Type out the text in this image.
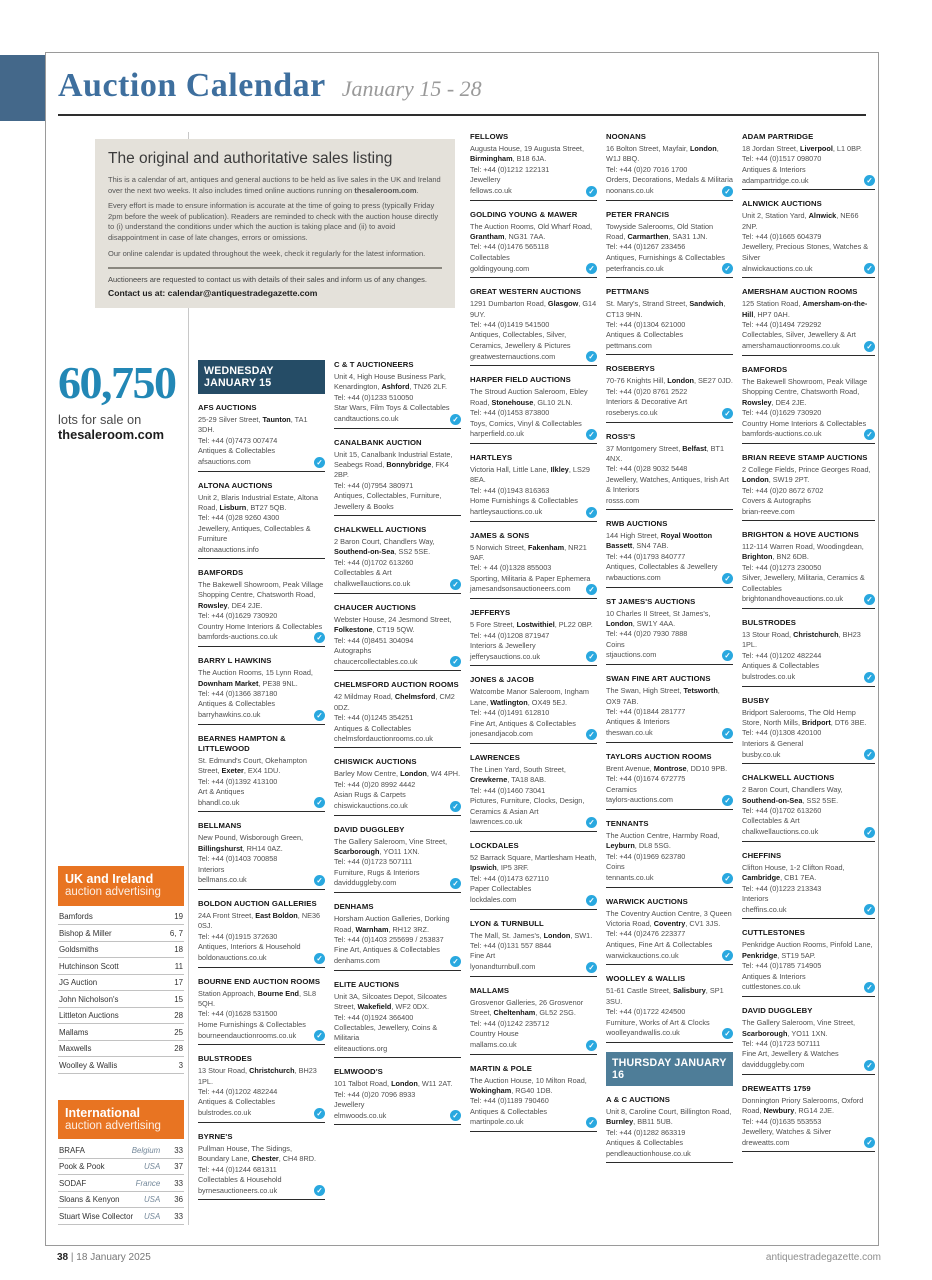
Auction Calendar January 15 - 28
The original and authoritative sales listing
This is a calendar of art, antiques and general auctions to be held as live sales in the UK and Ireland over the next two weeks. It also includes timed online auctions running on thesaleroom.com.
Every effort is made to ensure information is accurate at the time of going to press (typically Friday 2pm before the week of publication). Readers are reminded to check with the auction house directly to (i) understand the conditions under which the auction is taking place and (ii) to avoid disappointment in case of late changes, errors or omissions.
Our online calendar is updated throughout the week, check it regularly for the latest information.
Auctioneers are requested to contact us with details of their sales and inform us of any changes.
Contact us at: calendar@antiquestradegazette.com
60,750
lots for sale on
thesaleroom.com
UK and Ireland
auction advertising
Bamfords	19
Bishop & Miller	6, 7
Goldsmiths	18
Hutchinson Scott	11
JG Auction	17
John Nicholson's	15
Littleton Auctions	28
Mallams	25
Maxwells	28
Woolley & Wallis	3
International
auction advertising
BRAFA	Belgium 33
Pook & Pook	USA 37
SODAF	France 33
Sloans & Kenyon	USA 36
Stuart Wise Collector USA 33
WEDNESDAY JANUARY 15
AFS AUCTIONS
25-29 Silver Street, Taunton, TA1 3DH.
Tel: +44 (0)7473 007474
Antiques & Collectables
afsauctions.com	✓
ALTONA AUCTIONS
Unit 2, Blaris Industrial Estate, Altona Road, Lisburn, BT27 5QB.
Tel: +44 (0)28 9260 4300
Jewellery, Antiques, Collectables & Furniture
altonaauctions.info
BAMFORDS
The Bakewell Showroom, Peak Village Shopping Centre, Chatsworth Road, Rowsley, DE4 2JE.
Tel: +44 (0)1629 730920
Country Home Interiors & Collectables
bamfords-auctions.co.uk	✓
BARRY L HAWKINS
The Auction Rooms, 15 Lynn Road, Downham Market, PE38 9NL.
Tel: +44 (0)1366 387180
Antiques & Collectables
barryhawkins.co.uk	✓
BEARNES HAMPTON & LITTLEWOOD
St. Edmund's Court, Okehampton Street, Exeter, EX4 1DU.
Tel: +44 (0)1392 413100
Art & Antiques
bhandl.co.uk	✓
BELLMANS
New Pound, Wisborough Green, Billingshurst, RH14 0AZ.
Tel: +44 (0)1403 700858
Interiors
bellmans.co.uk	✓
BOLDON AUCTION GALLERIES
24A Front Street, East Boldon, NE36 0SJ.
Tel: +44 (0)1915 372630
Antiques, Interiors & Household
boldonauctions.co.uk	✓
BOURNE END AUCTION ROOMS
Station Approach, Bourne End, SL8 5QH.
Tel: +44 (0)1628 531500
Home Furnishings & Collectables
bourneendauctionrooms.co.uk	✓
BULSTRODES
13 Stour Road, Christchurch, BH23 1PL.
Tel: +44 (0)1202 482244
Antiques & Collectables
bulstrodes.co.uk	✓
BYRNE'S
Pullman House, The Sidings, Boundary Lane, Chester, CH4 8RD.
Tel: +44 (0)1244 681311
Collectables & Household
byrnesauctioneers.co.uk	✓
C & T AUCTIONEERS
Unit 4, High House Business Park, Kenardington, Ashford, TN26 2LF.
Tel: +44 (0)1233 510050
Star Wars, Film Toys & Collectables
candtauctions.co.uk	✓
CANALBANK AUCTION
Unit 15, Canalbank Industrial Estate, Seabegs Road, Bonnybridge, FK4 2BP.
Tel: +44 (0)7954 380971
Antiques, Collectables, Furniture, Jewellery & Books
CHALKWELL AUCTIONS
2 Baron Court, Chandlers Way, Southend-on-Sea, SS2 5SE.
Tel: +44 (0)1702 613260
Collectables & Art
chalkwellauctions.co.uk	✓
CHAUCER AUCTIONS
Webster House, 24 Jesmond Street, Folkestone, CT19 5QW.
Tel: +44 (0)8451 304094
Autographs
chaucercollectables.co.uk	✓
CHELMSFORD AUCTION ROOMS
42 Mildmay Road, Chelmsford, CM2 0DZ.
Tel: +44 (0)1245 354251
Antiques & Collectables
chelmsfordauctionrooms.co.uk
CHISWICK AUCTIONS
Barley Mow Centre, London, W4 4PH.
Tel: +44 (0)20 8992 4442
Asian Rugs & Carpets
chiswickauctions.co.uk	✓
DAVID DUGGLEBY
The Gallery Saleroom, Vine Street, Scarborough, YO11 1XN.
Tel: +44 (0)1723 507111
Furniture, Rugs & Interiors
davidduggleby.com	✓
DENHAMS
Horsham Auction Galleries, Dorking Road, Warnham, RH12 3RZ.
Tel: +44 (0)1403 255699 / 253837
Fine Art, Antiques & Collectables
denhams.com	✓
ELITE AUCTIONS
Unit 3A, Silcoates Depot, Silcoates Street, Wakefield, WF2 0DX.
Tel: +44 (0)1924 366400
Collectables, Jewellery, Coins & Militaria
eliteauctions.org
ELMWOOD'S
101 Talbot Road, London, W11 2AT.
Tel: +44 (0)20 7096 8933
Jewellery
elmwoods.co.uk	✓
FELLOWS
Augusta House, 19 Augusta Street, Birmingham, B18 6JA.
Tel: +44 (0)1212 122131
Jewellery
fellows.co.uk	✓
GOLDING YOUNG & MAWER
The Auction Rooms, Old Wharf Road, Grantham, NG31 7AA.
Tel: +44 (0)1476 565118
Collectables
goldingyoung.com	✓
GREAT WESTERN AUCTIONS
1291 Dumbarton Road, Glasgow, G14 9UY.
Tel: +44 (0)1419 541500
Antiques, Collectables, Silver, Ceramics, Jewellery & Pictures
greatwesternauctions.com	✓
HARPER FIELD AUCTIONS
The Stroud Auction Saleroom, Ebley Road, Stonehouse, GL10 2LN.
Tel: +44 (0)1453 873800
Toys, Comics, Vinyl & Collectables
harperfield.co.uk	✓
HARTLEYS
Victoria Hall, Little Lane, Ilkley, LS29 8EA.
Tel: +44 (0)1943 816363
Home Furnishings & Collectables
hartleysauctions.co.uk	✓
JAMES & SONS
5 Norwich Street, Fakenham, NR21 9AF.
Tel: + 44 (0)1328 855003
Sporting, Militaria & Paper Ephemera
jamesandsonsauctioneers.com	✓
JEFFERYS
5 Fore Street, Lostwithiel, PL22 0BP.
Tel: +44 (0)1208 871947
Interiors & Jewellery
jefferysauctions.co.uk	✓
JONES & JACOB
Watcombe Manor Saleroom, Ingham Lane, Watlington, OX49 5EJ.
Tel: +44 (0)1491 612810
Fine Art, Antiques & Collectables
jonesandjacob.com	✓
LAWRENCES
The Linen Yard, South Street, Crewkerne, TA18 8AB.
Tel: +44 (0)1460 73041
Pictures, Furniture, Clocks, Design, Ceramics & Asian Art
lawrences.co.uk	✓
LOCKDALES
52 Barrack Square, Martlesham Heath, Ipswich, IP5 3RF.
Tel: +44 (0)1473 627110
Paper Collectables
lockdales.com	✓
LYON & TURNBULL
The Mall, St. James's, London, SW1.
Tel: +44 (0)131 557 8844
Fine Art
lyonandturnbull.com	✓
MALLAMS
Grosvenor Galleries, 26 Grosvenor Street, Cheltenham, GL52 2SG.
Tel: +44 (0)1242 235712
Country House
mallams.co.uk	✓
MARTIN & POLE
The Auction House, 10 Milton Road, Wokingham, RG40 1DB.
Tel: +44 (0)1189 790460
Antiques & Collectables
martinpole.co.uk	✓
NOONANS
16 Bolton Street, Mayfair, London, W1J 8BQ.
Tel: +44 (0)20 7016 1700
Orders, Decorations, Medals & Militaria
noonans.co.uk	✓
PETER FRANCIS
Towyside Salerooms, Old Station Road, Carmarthen, SA31 1JN.
Tel: +44 (0)1267 233456
Antiques, Furnishings & Collectables
peterfrancis.co.uk	✓
PETTMANS
St. Mary's, Strand Street, Sandwich, CT13 9HN.
Tel: +44 (0)1304 621000
Antiques & Collectables
pettmans.com
ROSEBERYS
70-76 Knights Hill, London, SE27 0JD.
Tel: +44 (0)20 8761 2522
Interiors & Decorative Art
roseberys.co.uk	✓
ROSS'S
37 Montgomery Street, Belfast, BT1 4NX.
Tel: +44 (0)28 9032 5448
Jewellery, Watches, Antiques, Irish Art & Interiors
rosss.com
RWB AUCTIONS
144 High Street, Royal Wootton Bassett, SN4 7AB.
Tel: +44 (0)1793 840777
Antiques, Collectables & Jewellery
rwbauctions.com	✓
ST JAMES'S AUCTIONS
10 Charles II Street, St James's, London, SW1Y 4AA.
Tel: +44 (0)20 7930 7888
Coins
stjauctions.com	✓
SWAN FINE ART AUCTIONS
The Swan, High Street, Tetsworth, OX9 7AB.
Tel: +44 (0)1844 281777
Antiques & Interiors
theswan.co.uk	✓
TAYLORS AUCTION ROOMS
Brent Avenue, Montrose, DD10 9PB.
Tel: +44 (0)1674 672775
Ceramics
taylors-auctions.com	✓
TENNANTS
The Auction Centre, Harmby Road, Leyburn, DL8 5SG.
Tel: +44 (0)1969 623780
Coins
tennants.co.uk	✓
WARWICK AUCTIONS
The Coventry Auction Centre, 3 Queen Victoria Road, Coventry, CV1 3JS.
Tel: +44 (0)2476 223377
Antiques, Fine Art & Collectables
warwickauctions.co.uk	✓
WOOLLEY & WALLIS
51-61 Castle Street, Salisbury, SP1 3SU.
Tel: +44 (0)1722 424500
Furniture, Works of Art & Clocks
woolleyandwallis.co.uk	✓
THURSDAY JANUARY 16
A & C AUCTIONS
Unit 8, Caroline Court, Billington Road, Burnley, BB11 5UB.
Tel: +44 (0)1282 863319
Antiques & Collectables
pendleauctionhouse.co.uk
ADAM PARTRIDGE
18 Jordan Street, Liverpool, L1 0BP.
Tel: +44 (0)1517 098070
Antiques & Interiors
adampartridge.co.uk	✓
ALNWICK AUCTIONS
Unit 2, Station Yard, Alnwick, NE66 2NP.
Tel: +44 (0)1665 604379
Jewellery, Precious Stones, Watches & Silver
alnwickauctions.co.uk	✓
AMERSHAM AUCTION ROOMS
125 Station Road, Amersham-on-the-Hill, HP7 0AH.
Tel: +44 (0)1494 729292
Collectables, Silver, Jewellery & Art
amershamauctionrooms.co.uk	✓
BAMFORDS
The Bakewell Showroom, Peak Village Shopping Centre, Chatsworth Road, Rowsley, DE4 2JE.
Tel: +44 (0)1629 730920
Country Home Interiors & Collectables
bamfords-auctions.co.uk	✓
BRIAN REEVE STAMP AUCTIONS
2 College Fields, Prince Georges Road, London, SW19 2PT.
Tel: +44 (0)20 8672 6702
Covers & Autographs
brian-reeve.com
BRIGHTON & HOVE AUCTIONS
112-114 Warren Road, Woodingdean, Brighton, BN2 6DB.
Tel: +44 (0)1273 230050
Silver, Jewellery, Militaria, Ceramics & Collectables
brightonandhoveauctions.co.uk	✓
BULSTRODES
13 Stour Road, Christchurch, BH23 1PL.
Tel: +44 (0)1202 482244
Antiques & Collectables
bulstrodes.co.uk	✓
BUSBY
Bridport Salerooms, The Old Hemp Store, North Mills, Bridport, DT6 3BE.
Tel: +44 (0)1308 420100
Interiors & General
busby.co.uk	✓
CHALKWELL AUCTIONS
2 Baron Court, Chandlers Way, Southend-on-Sea, SS2 5SE.
Tel: +44 (0)1702 613260
Collectables & Art
chalkwellauctions.co.uk	✓
CHEFFINS
Clifton House, 1-2 Clifton Road, Cambridge, CB1 7EA.
Tel: +44 (0)1223 213343
Interiors
cheffins.co.uk	✓
CUTTLESTONES
Penkridge Auction Rooms, Pinfold Lane, Penkridge, ST19 5AP.
Tel: +44 (0)1785 714905
Antiques & Interiors
cuttlestones.co.uk	✓
DAVID DUGGLEBY
The Gallery Saleroom, Vine Street, Scarborough, YO11 1XN.
Tel: +44 (0)1723 507111
Fine Art, Jewellery & Watches
davidduggleby.com	✓
DREWEATTS 1759
Donnington Priory Salerooms, Oxford Road, Newbury, RG14 2JE.
Tel: +44 (0)1635 553553
Jewellery, Watches & Silver
dreweatts.com	✓
38 | 18 January 2025	antiquestradegazette.com
